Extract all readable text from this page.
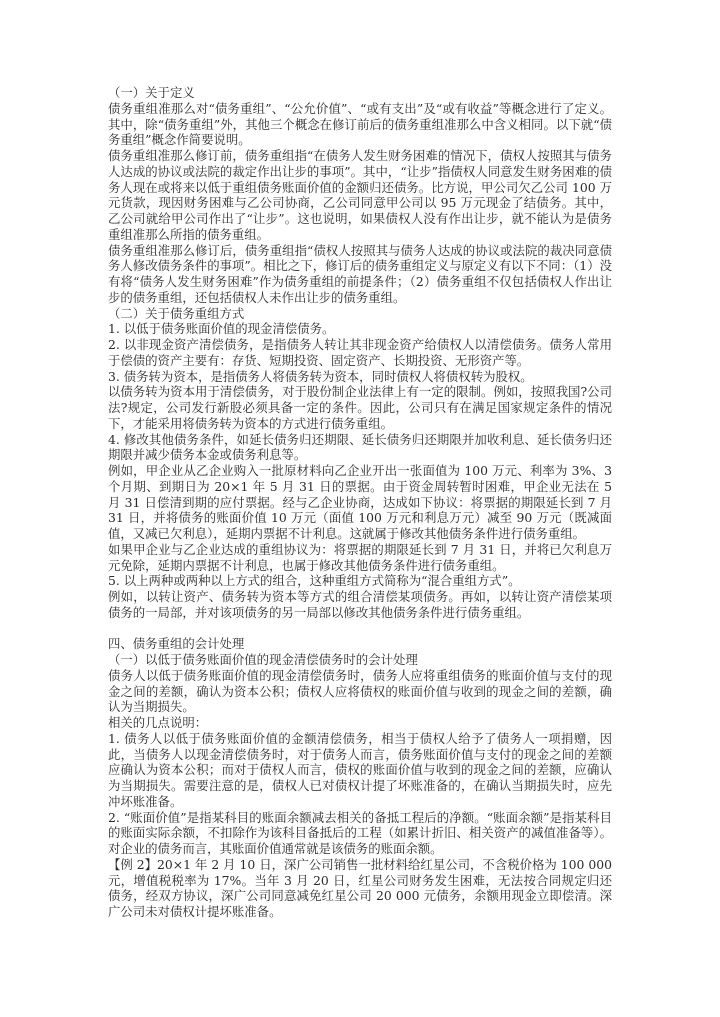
（一）关于定义

债务重组准那么对“债务重组”、“公允价值”、“或有支出”及“或有收益”等概念进行了定义。其中，除“债务重组”外，其他三个概念在修订前后的债务重组准那么中含义相同。以下就“债务重组”概念作简要说明。

债务重组准那么修订前，债务重组指“在债务人发生财务困难的情况下，债权人按照其与债务人达成的协议或法院的裁定作出让步的事项”。其中，“让步”指债权人同意发生财务困难的债务人现在或将来以低于重组债务账面价值的金额归还债务。比方说，甲公司欠乙公司 100 万元货款，现因财务困难与乙公司协商，乙公司同意甲公司以 95 万元现金了结债务。其中，乙公司就给甲公司作出了“让步”。这也说明，如果债权人没有作出让步，就不能认为是债务重组准那么所指的债务重组。

债务重组准那么修订后，债务重组指“债权人按照其与债务人达成的协议或法院的裁决同意债务人修改债务条件的事项”。相比之下，修订后的债务重组定义与原定义有以下不同：（1）没有将“债务人发生财务困难”作为债务重组的前提条件；（2）债务重组不仅包括债权人作出让步的债务重组，还包括债权人未作出让步的债务重组。

（二）关于债务重组方式

1. 以低于债务账面价值的现金清偿债务。

2. 以非现金资产清偿债务，是指债务人转让其非现金资产给债权人以清偿债务。债务人常用于偿债的资产主要有：存货、短期投资、固定资产、长期投资、无形资产等。

3. 债务转为资本，是指债务人将债务转为资本，同时债权人将债权转为股权。

以债务转为资本用于清偿债务，对于股份制企业法律上有一定的限制。例如，按照我国?公司法?规定，公司发行新股必须具备一定的条件。因此，公司只有在满足国家规定条件的情况下，才能采用将债务转为资本的方式进行债务重组。

4. 修改其他债务条件，如延长债务归还期限、延长债务归还期限并加收利息、延长债务归还期限并减少债务本金或债务利息等。

例如，甲企业从乙企业购入一批原材料向乙企业开出一张面值为 100 万元、利率为 3%、3 个月期、到期日为 20×1 年 5 月 31 日的票据。由于资金周转暂时困难，甲企业无法在 5 月 31 日偿清到期的应付票据。经与乙企业协商，达成如下协议：将票据的期限延长到 7 月 31 日，并将债务的账面价值 10 万元（面值 100 万元和利息万元）减至 90 万元（既减面值，又减已欠利息），延期内票据不计利息。这就属于修改其他债务条件进行债务重组。

如果甲企业与乙企业达成的重组协议为：将票据的期限延长到 7 月 31 日，并将已欠利息万元免除，延期内票据不计利息，也属于修改其他债务条件进行债务重组。

5. 以上两种或两种以上方式的组合，这种重组方式简称为“混合重组方式”。

例如，以转让资产、债务转为资本等方式的组合清偿某项债务。再如，以转让资产清偿某项债务的一局部，并对该项债务的另一局部以修改其他债务条件进行债务重组。

四、债务重组的会计处理

（一）以低于债务账面价值的现金清偿债务时的会计处理

债务人以低于债务账面价值的现金清偿债务时，债务人应将重组债务的账面价值与支付的现金之间的差额，确认为资本公积；债权人应将债权的账面价值与收到的现金之间的差额，确认为当期损失。

相关的几点说明：

1. 债务人以低于债务账面价值的金额清偿债务，相当于债权人给予了债务人一项捐赠，因此，当债务人以现金清偿债务时，对于债务人而言，债务账面价值与支付的现金之间的差额应确认为资本公积；而对于债权人而言，债权的账面价值与收到的现金之间的差额，应确认为当期损失。需要注意的是，债权人已对债权计提了坏账准备的，在确认当期损失时，应先冲坏账准备。

2. “账面价值”是指某科目的账面余额减去相关的备抵工程后的净额。“账面余额”是指某科目的账面实际余额，不扣除作为该科目备抵后的工程（如累计折旧、相关资产的减值准备等）。对企业的债务而言，其账面价值通常就是该债务的账面余额。

【例 2】20×1 年 2 月 10 日，深广公司销售一批材料给红星公司，不含税价格为 100 000 元，增值税税率为 17%。当年 3 月 20 日，红星公司财务发生困难，无法按合同规定归还债务，经双方协议，深广公司同意减免红星公司 20 000 元债务，余额用现金立即偿清。深广公司未对债权计提坏账准备。
